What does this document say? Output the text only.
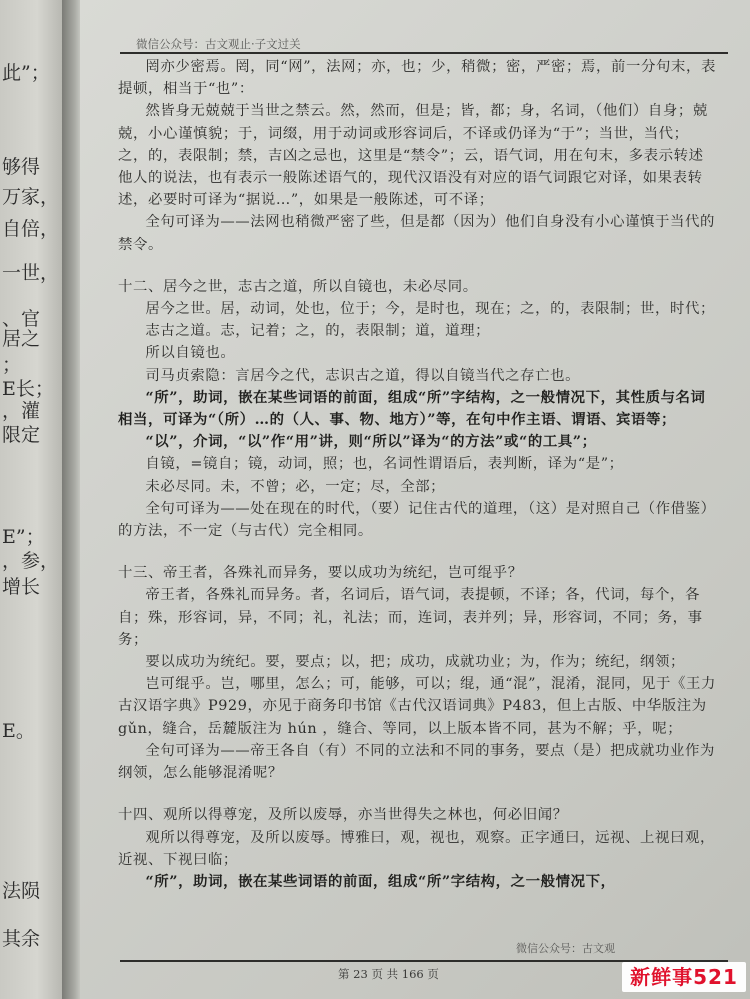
此”；
够得
万家，
自倍，
一世，
、官
居之
；
E长；
，灌
限定
E”；
，参，
增长
E。
法陨
其余
微信公众号：古文观止·子文过关

罔亦少密焉。罔，同“网”，法网；亦，也；少，稍微；密，严密；焉，前一分句末，表提顿，相当于“也”：

然皆身无兢兢于当世之禁云。然，然而，但是；皆，都；身，名词，（他们）自身；兢兢，小心谨慎貌；于，词缀，用于动词或形容词后，不译或仍译为“于”；当世，当代；之，的，表限制；禁，吉凶之忌也，这里是“禁令”；云，语气词，用在句末，多表示转述他人的说法，也有表示一般陈述语气的，现代汉语没有对应的语气词跟它对译，如果表转述，必要时可译为“据说…”，如果是一般陈述，可不译；

全句可译为——法网也稍微严密了些，但是都（因为）他们自身没有小心谨慎于当代的禁令。

十二、居今之世，志古之道，所以自镜也，未必尽同。

居今之世。居，动词，处也，位于；今，是时也，现在；之，的，表限制；世，时代；

志古之道。志，记着；之，的，表限制；道，道理；

所以自镜也。

司马贞索隐：言居今之代，志识古之道，得以自镜当代之存亡也。

“所”，助词，嵌在某些词语的前面，组成“所”字结构，之一般情况下，其性质与名词相当，可译为“（所）…的（人、事、物、地方）”等，在句中作主语、谓语、宾语等；

“以”，介词，“以”作“用”讲，则“所以”译为“的方法”或“的工具”；

自镜，=镜自；镜，动词，照；也，名词性谓语后，表判断，译为“是”；

未必尽同。未，不曾；必，一定；尽，全部；

全句可译为——处在现在的时代，（要）记住古代的道理，（这）是对照自己（作借鉴）的方法，不一定（与古代）完全相同。

十三、帝王者，各殊礼而异务，要以成功为统纪，岂可绲乎？

帝王者，各殊礼而异务。者，名词后，语气词，表提顿，不译；各，代词，每个，各自；殊，形容词，异，不同；礼，礼法；而，连词，表并列；异，形容词，不同；务，事务；

要以成功为统纪。要，要点；以，把；成功，成就功业；为，作为；统纪，纲领；

岂可绲乎。岂，哪里，怎么；可，能够，可以；绲，通“混”，混淆，混同，见于《王力古汉语字典》P929，亦见于商务印书馆《古代汉语词典》P483，但上古版、中华版注为 gǔn，缝合，岳麓版注为 hún ，缝合、等同，以上版本皆不同，甚为不解；乎，呢；

全句可译为——帝王各自（有）不同的立法和不同的事务，要点（是）把成就功业作为纲领，怎么能够混淆呢？

十四、观所以得尊宠，及所以废辱，亦当世得失之林也，何必旧闻？

观所以得尊宠，及所以废辱。博雅曰，观，视也，观察。正字通曰，远视、上视曰观，近视、下视曰临；

“所”，助词，嵌在某些词语的前面，组成“所”字结构，之一般情况下，

微信公众号：古文观
第 23 页 共 166 页	新鲜事521
